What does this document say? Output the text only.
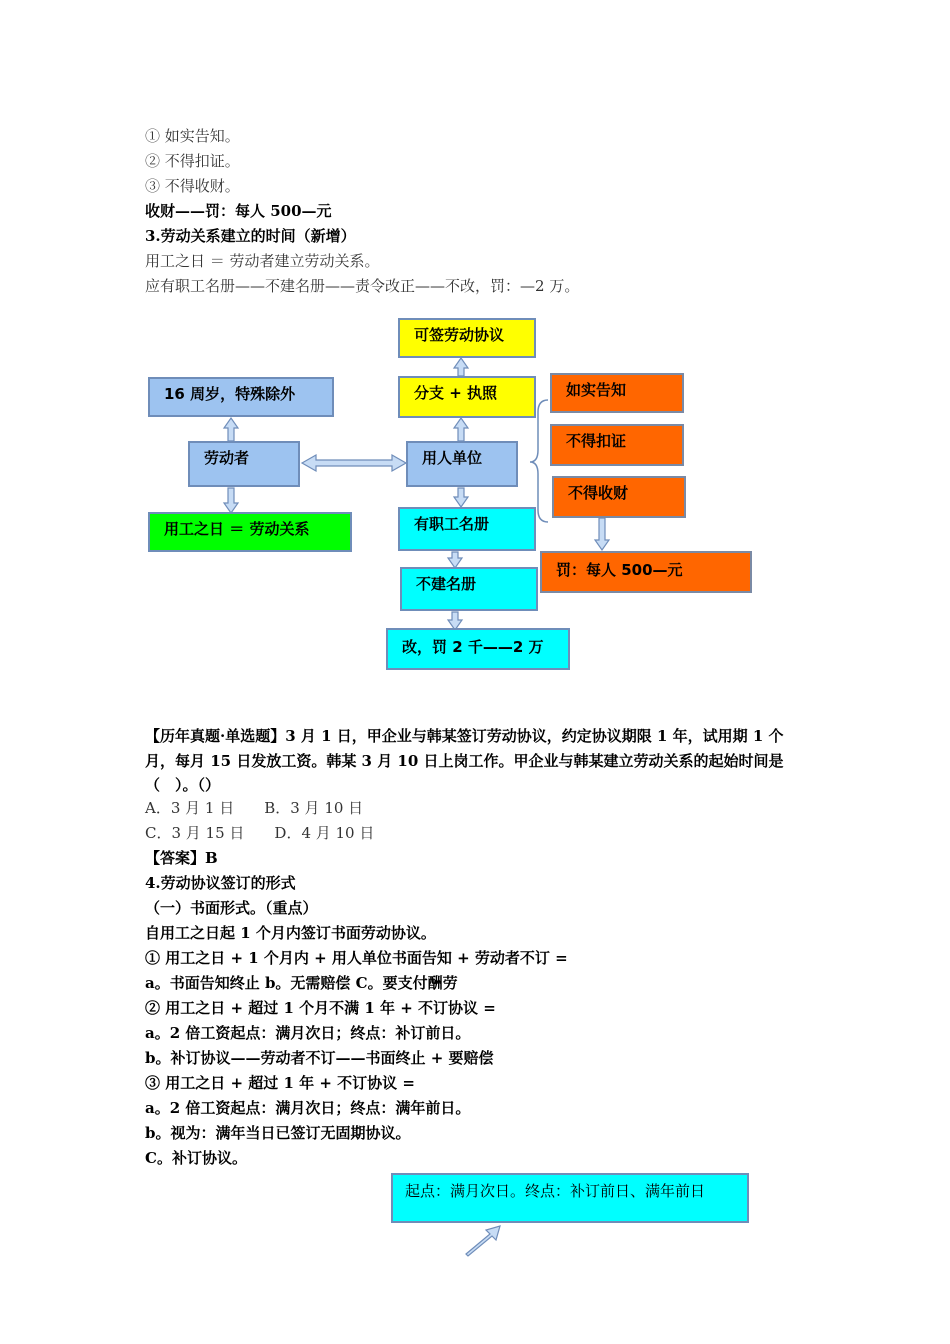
① 如实告知。
② 不得扣证。
③ 不得收财。
收财——罚：每人 500—元
3.劳动关系建立的时间（新增）
用工之日 ＝ 劳动者建立劳动关系。
应有职工名册——不建名册——责令改正——不改，罚：—2 万。
可签劳动协议
分支 + 执照
16 周岁，特殊除外
劳动者	用人单位
用工之日 ＝ 劳动关系	有职工名册
不建名册
改，罚 2 千——2 万
如实告知
不得扣证
不得收财
罚：每人 500—元
【历年真题·单选题】3 月 1 日，甲企业与韩某签订劳动协议，约定协议期限 1 年，试用期 1 个月，每月 15 日发放工资。韩某 3 月 10 日上岗工作。甲企业与韩某建立劳动关系的起始时间是（　）。（）
A．3 月 1 日　　B．3 月 10 日
C．3 月 15 日　　D．4 月 10 日
【答案】B
4.劳动协议签订的形式
（一）书面形式。（重点）
自用工之日起 1 个月内签订书面劳动协议。
① 用工之日 + 1 个月内 + 用人单位书面告知 + 劳动者不订 =
a。书面告知终止 b。无需赔偿 C。要支付酬劳
② 用工之日 + 超过 1 个月不满 1 年 + 不订协议 =
a。2 倍工资起点：满月次日；终点：补订前日。
b。补订协议——劳动者不订——书面终止 + 要赔偿
③ 用工之日 + 超过 1 年 + 不订协议 =
a。2 倍工资起点：满月次日；终点：满年前日。
b。视为：满年当日已签订无固期协议。
C。补订协议。
起点：满月次日。终点：补订前日、满年前日
